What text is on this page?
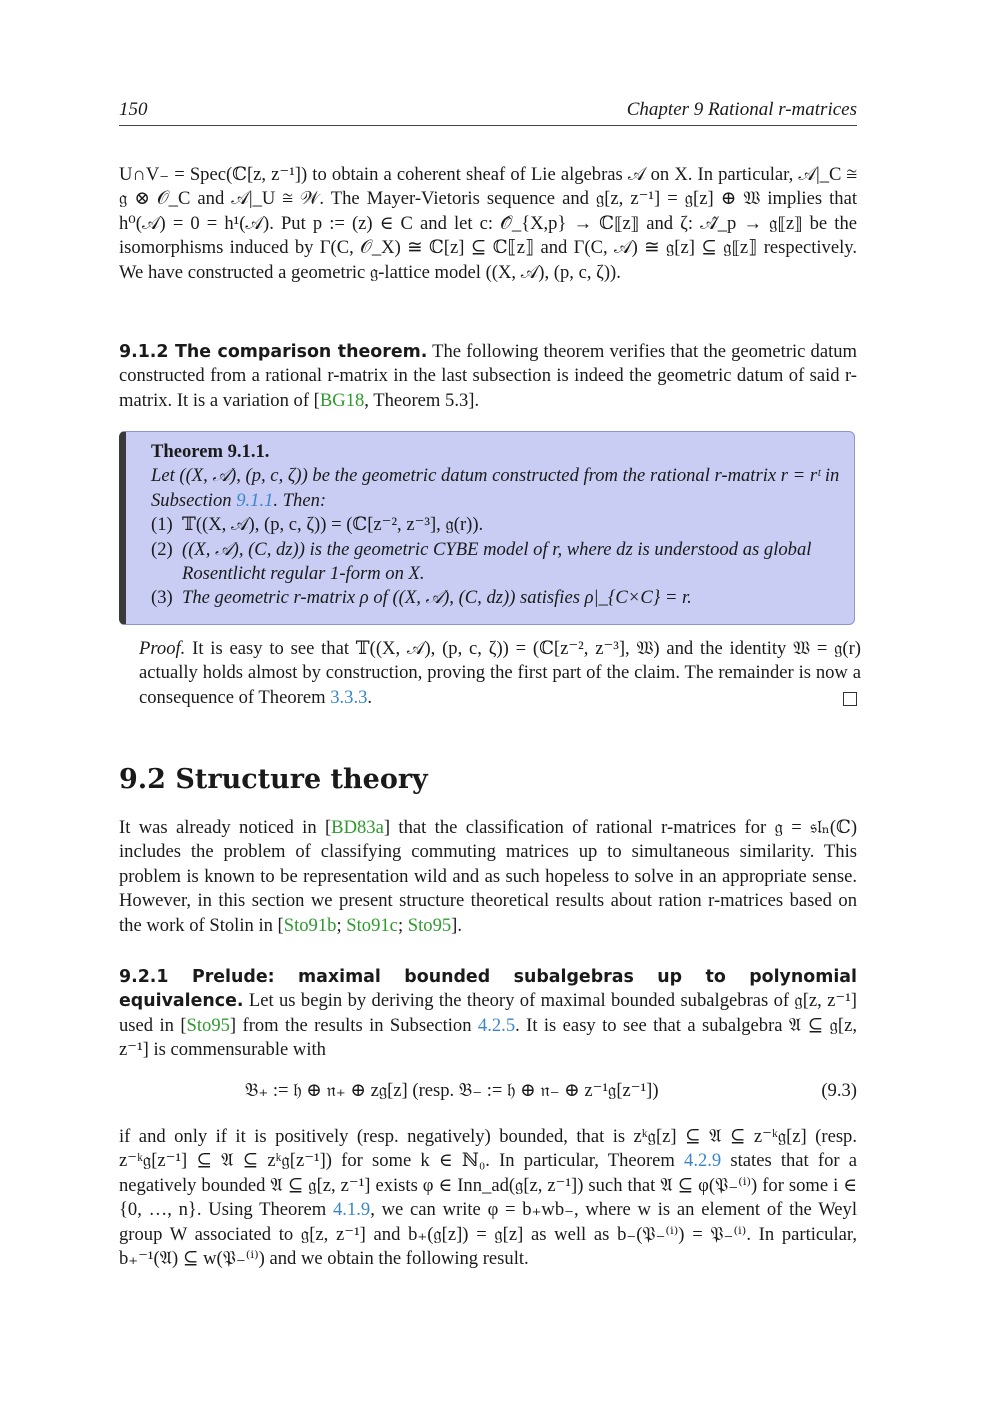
150	Chapter 9 Rational r-matrices

U∩V₋ = Spec(ℂ[z, z⁻¹]) to obtain a coherent sheaf of Lie algebras 𝒜 on X. In particular, 𝒜|_C ≅ 𝔤 ⊗ 𝒪_C and 𝒜|_U ≅ 𝒲. The Mayer-Vietoris sequence and 𝔤[z, z⁻¹] = 𝔤[z] ⊕ 𝔚 implies that h⁰(𝒜) = 0 = h¹(𝒜). Put p := (z) ∈ C and let c: 𝒪̂_{X,p} → ℂ⟦z⟧ and ζ: 𝒜̂_p → 𝔤⟦z⟧ be the isomorphisms induced by Γ(C, 𝒪_X) ≅ ℂ[z] ⊆ ℂ⟦z⟧ and Γ(C, 𝒜) ≅ 𝔤[z] ⊆ 𝔤⟦z⟧ respectively. We have constructed a geometric 𝔤-lattice model ((X, 𝒜), (p, c, ζ)).

9.1.2 The comparison theorem. The following theorem verifies that the geometric datum constructed from a rational r-matrix in the last subsection is indeed the geometric datum of said r-matrix. It is a variation of [BG18, Theorem 5.3].

Theorem 9.1.1.
Let ((X, 𝒜), (p, c, ζ)) be the geometric datum constructed from the rational r-matrix r = rᵗ in Subsection 9.1.1. Then:
(1) 𝕋((X, 𝒜), (p, c, ζ)) = (ℂ[z⁻², z⁻³], 𝔤(r)).
(2) ((X, 𝒜), (C, dz)) is the geometric CYBE model of r, where dz is understood as global Rosentlicht regular 1-form on X.
(3) The geometric r-matrix ρ of ((X, 𝒜), (C, dz)) satisfies ρ|_{C×C} = r.

Proof. It is easy to see that 𝕋((X, 𝒜), (p, c, ζ)) = (ℂ[z⁻², z⁻³], 𝔚) and the identity 𝔚 = 𝔤(r) actually holds almost by construction, proving the first part of the claim. The remainder is now a consequence of Theorem 3.3.3.

9.2 Structure theory

It was already noticed in [BD83a] that the classification of rational r-matrices for 𝔤 = 𝔰𝔩ₙ(ℂ) includes the problem of classifying commuting matrices up to simultaneous similarity. This problem is known to be representation wild and as such hopeless to solve in an appropriate sense. However, in this section we present structure theoretical results about ration r-matrices based on the work of Stolin in [Sto91b; Sto91c; Sto95].

9.2.1 Prelude: maximal bounded subalgebras up to polynomial equivalence. Let us begin by deriving the theory of maximal bounded subalgebras of 𝔤[z, z⁻¹] used in [Sto95] from the results in Subsection 4.2.5. It is easy to see that a subalgebra 𝔄 ⊆ 𝔤[z, z⁻¹] is commensurable with

𝔅₊ := 𝔥 ⊕ 𝔫₊ ⊕ z𝔤[z] (resp. 𝔅₋ := 𝔥 ⊕ 𝔫₋ ⊕ z⁻¹𝔤[z⁻¹])	(9.3)

if and only if it is positively (resp. negatively) bounded, that is zᵏ𝔤[z] ⊆ 𝔄 ⊆ z⁻ᵏ𝔤[z] (resp. z⁻ᵏ𝔤[z⁻¹] ⊆ 𝔄 ⊆ zᵏ𝔤[z⁻¹]) for some k ∈ ℕ₀. In particular, Theorem 4.2.9 states that for a negatively bounded 𝔄 ⊆ 𝔤[z, z⁻¹] exists φ ∈ Inn_ad(𝔤[z, z⁻¹]) such that 𝔄 ⊆ φ(𝔓₋⁽ⁱ⁾) for some i ∈ {0, …, n}. Using Theorem 4.1.9, we can write φ = b₊wb₋, where w is an element of the Weyl group W associated to 𝔤[z, z⁻¹] and b₊(𝔤[z]) = 𝔤[z] as well as b₋(𝔓₋⁽ⁱ⁾) = 𝔓₋⁽ⁱ⁾. In particular, b₊⁻¹(𝔄) ⊆ w(𝔓₋⁽ⁱ⁾) and we obtain the following result.
